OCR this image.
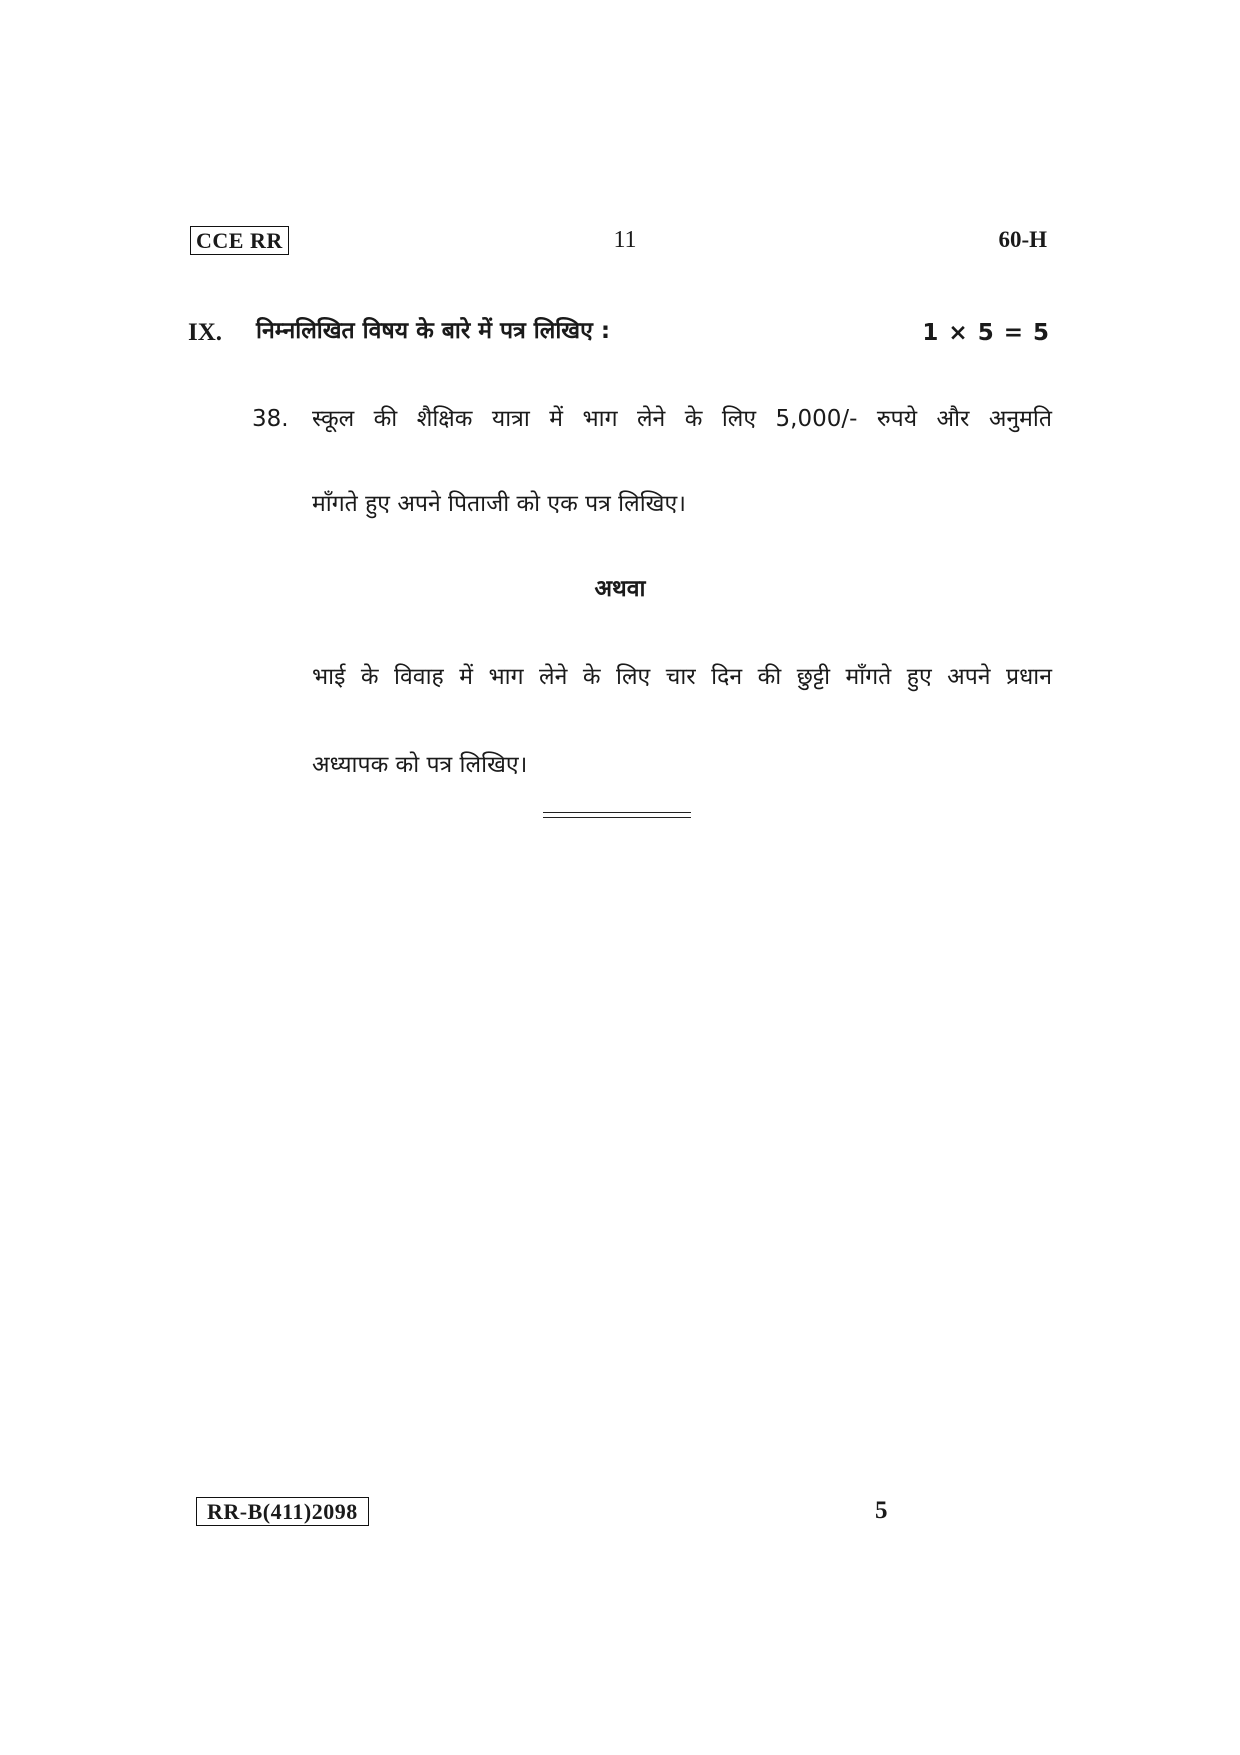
CCE RR	11	60-H
IX. निम्नलिखित विषय के बारे में पत्र लिखिए :	1 × 5 = 5
38. स्कूल की शैक्षिक यात्रा में भाग लेने के लिए 5,000/- रुपये और अनुमति
माँगते हुए अपने पिताजी को एक पत्र लिखिए।
अथवा
भाई के विवाह में भाग लेने के लिए चार दिन की छुट्टी माँगते हुए अपने प्रधान
अध्यापक को पत्र लिखिए।
RR-B(411)2098	5
